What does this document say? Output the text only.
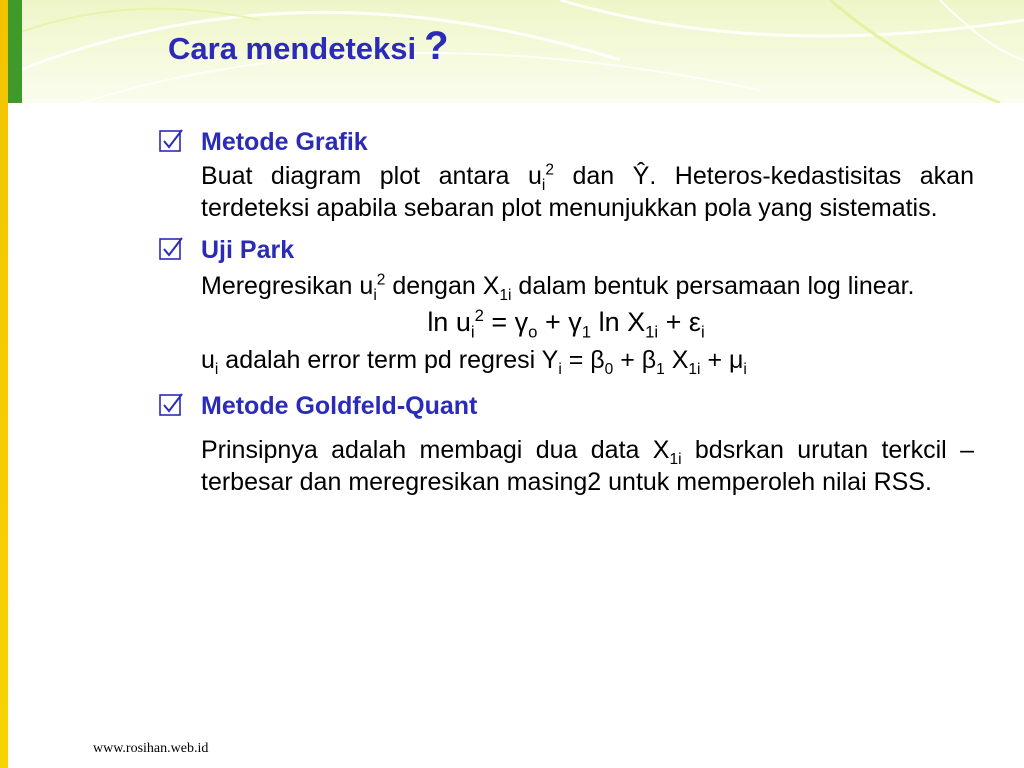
Cara mendeteksi ?
Metode Grafik
Buat diagram plot antara $u_i^2$ dan Ŷ. Heteros-kedastisitas akan terdeteksi apabila sebaran plot menunjukkan pola yang sistematis.
Uji Park
Meregresikan $u_i^2$ dengan $X_{1i}$ dalam bentuk persamaan log linear.
$\ln u_i^2 = \gamma_o + \gamma_1$ $\ln X_{1i} + \varepsilon_i$
$u_i$ adalah error term pd regresi $Y_i = \beta_0 + \beta_1$ $X_{1i} + \mu_i$
Metode Goldfeld-Quant
Prinsipnya adalah membagi dua data $X_{1i}$ bdsrkan urutan terkcil – terbesar dan meregresikan masing2 untuk memperoleh nilai RSS.
www.rosihan.web.id
